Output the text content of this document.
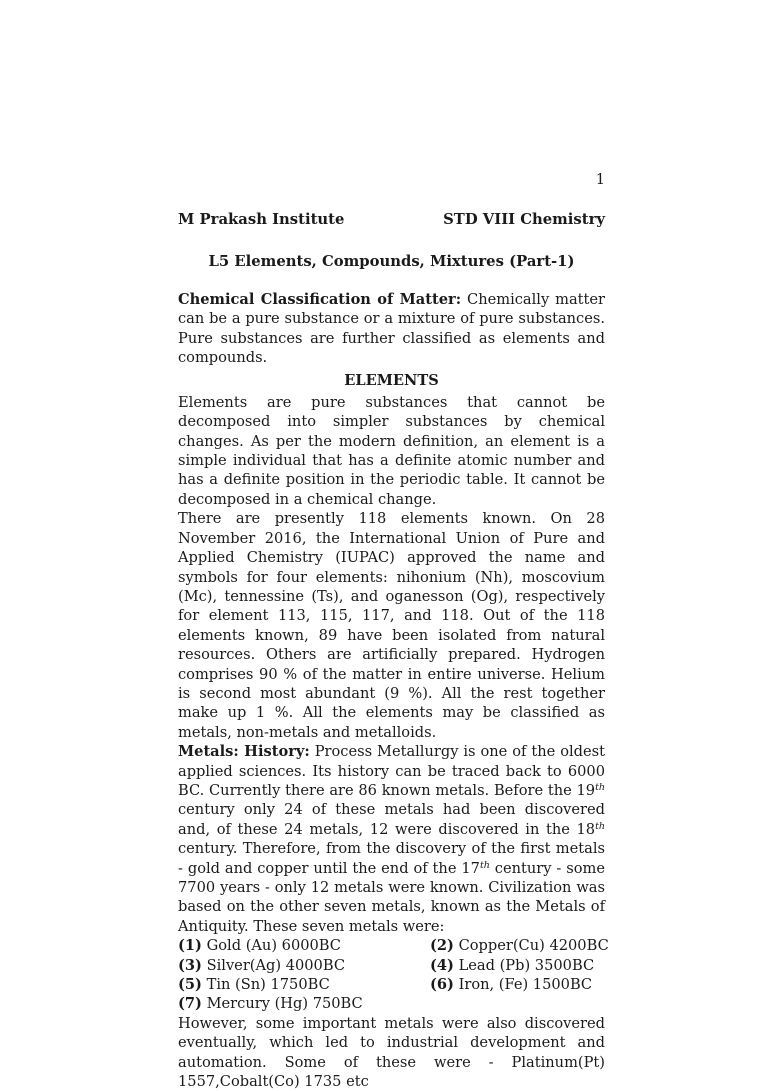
1
M Prakash Institute	STD VIII Chemistry
L5 Elements, Compounds, Mixtures (Part-1)

Chemical Classification of Matter: Chemically matter can be a pure substance or a mixture of pure substances. Pure substances are further classified as elements and compounds.

ELEMENTS

Elements are pure substances that cannot be decomposed into simpler substances by chemical changes. As per the modern definition, an element is a simple individual that has a definite atomic number and has a definite position in the periodic table. It cannot be decomposed in a chemical change.

There are presently 118 elements known. On 28 November 2016, the International Union of Pure and Applied Chemistry (IUPAC) approved the name and symbols for four elements: nihonium (Nh), moscovium (Mc), tennessine (Ts), and oganesson (Og), respectively for element 113, 115, 117, and 118. Out of the 118 elements known, 89 have been isolated from natural resources. Others are artificially prepared. Hydrogen comprises 90 % of the matter in entire universe. Helium is second most abundant (9 %). All the rest together make up 1 %. All the elements may be classified as metals, non-metals and metalloids.

Metals: History: Process Metallurgy is one of the oldest applied sciences. Its history can be traced back to 6000 BC. Currently there are 86 known metals. Before the 19th century only 24 of these metals had been discovered and, of these 24 metals, 12 were discovered in the 18th century. Therefore, from the discovery of the first metals - gold and copper until the end of the 17th century - some 7700 years - only 12 metals were known. Civilization was based on the other seven metals, known as the Metals of Antiquity. These seven metals were:

(1) Gold (Au) 6000BC	(2) Copper(Cu) 4200BC
(3) Silver(Ag) 4000BC	(4) Lead (Pb) 3500BC
(5) Tin (Sn) 1750BC	(6) Iron, (Fe) 1500BC
(7) Mercury (Hg) 750BC

However, some important metals were also discovered eventually, which led to industrial development and automation. Some of these were - Platinum(Pt) 1557,Cobalt(Co) 1735 etc
